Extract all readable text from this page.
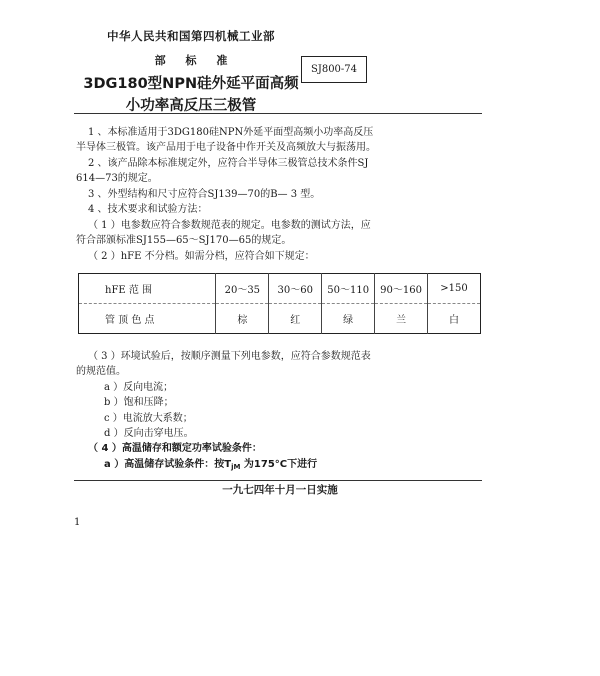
中华人民共和国第四机械工业部
部 标 准
3DG180型NPN硅外延平面高频
小功率高反压三极管
SJ800-74
1 、本标准适用于3DG180硅NPN外延平面型高频小功率高反压
半导体三极管。该产品用于电子设备中作开关及高频放大与振荡用。
2 、该产品除本标准规定外，应符合半导体三极管总技术条件SJ
614—73的规定。
3 、外型结构和尺寸应符合SJ139—70的B— 3 型。
4 、技术要求和试验方法：
（ 1 ）电参数应符合参数规范表的规定。电参数的测试方法，应
符合部颁标准SJ155—65～SJ170—65的规定。
（ 2 ）hFE 不分档。如需分档，应符合如下规定：
hFE 范 围	20～35	30～60	50～110	90～160	>150
管 顶 色 点	棕	红	绿	兰	白
（ 3 ）环境试验后，按顺序测量下列电参数，应符合参数规范表
的规范值。
a ）反向电流；
b ）饱和压降；
c ）电流放大系数；
d ）反向击穿电压。
（ 4 ）高温储存和额定功率试验条件：
a ）高温储存试验条件：按$T_{jM}$ 为175°C下进行
一九七四年十月一日实施
1
